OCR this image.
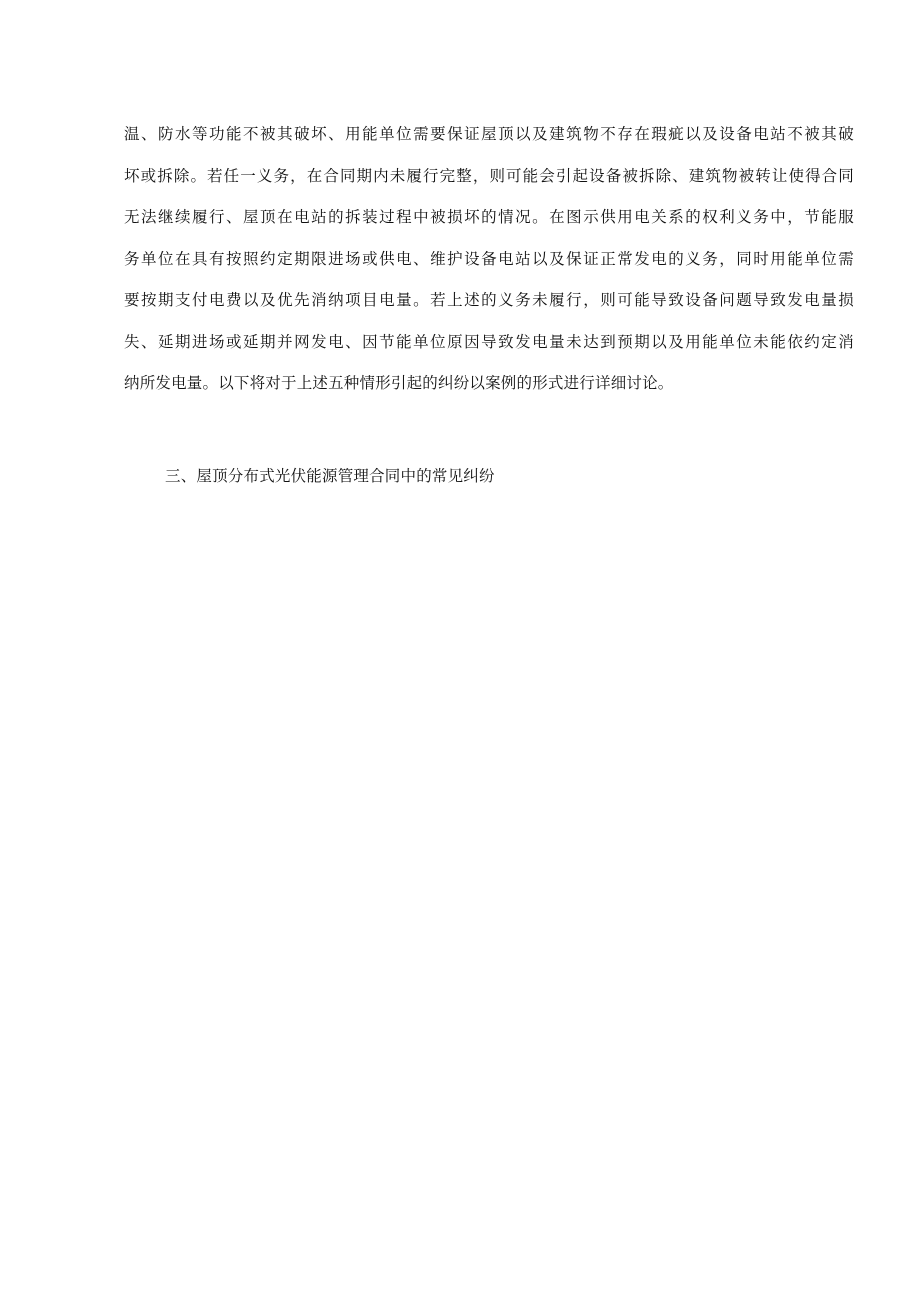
温、防水等功能不被其破坏、用能单位需要保证屋顶以及建筑物不存在瑕疵以及设备电站不被其破
坏或拆除。若任一义务，在合同期内未履行完整，则可能会引起设备被拆除、建筑物被转让使得合同
无法继续履行、屋顶在电站的拆装过程中被损坏的情况。在图示供用电关系的权利义务中，节能服
务单位在具有按照约定期限进场或供电、维护设备电站以及保证正常发电的义务，同时用能单位需
要按期支付电费以及优先消纳项目电量。若上述的义务未履行，则可能导致设备问题导致发电量损
失、延期进场或延期并网发电、因节能单位原因导致发电量未达到预期以及用能单位未能依约定消
纳所发电量。以下将对于上述五种情形引起的纠纷以案例的形式进行详细讨论。
三、屋顶分布式光伏能源管理合同中的常见纠纷
